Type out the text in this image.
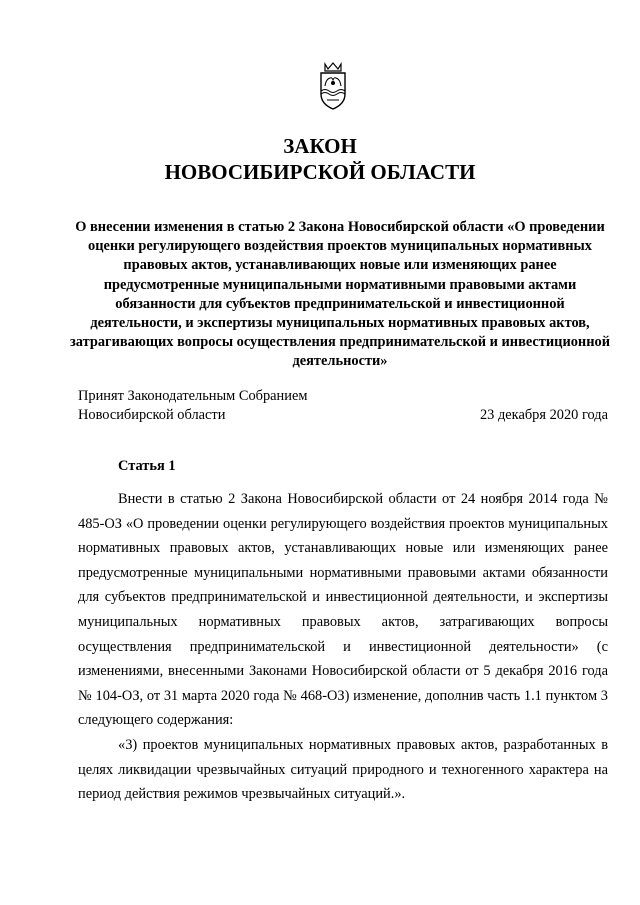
ЗАКОН
НОВОСИБИРСКОЙ ОБЛАСТИ

О внесении изменения в статью 2 Закона Новосибирской области «О проведении оценки регулирующего воздействия проектов муниципальных нормативных правовых актов, устанавливающих новые или изменяющих ранее предусмотренные муниципальными нормативными правовыми актами обязанности для субъектов предпринимательской и инвестиционной деятельности, и экспертизы муниципальных нормативных правовых актов, затрагивающих вопросы осуществления предпринимательской и инвестиционной деятельности»

Принят Законодательным Собранием
Новосибирской области	23 декабря 2020 года
Статья 1

Внести в статью 2 Закона Новосибирской области от 24 ноября 2014 года № 485-ОЗ «О проведении оценки регулирующего воздействия проектов муниципальных нормативных правовых актов, устанавливающих новые или изменяющих ранее предусмотренные муниципальными нормативными правовыми актами обязанности для субъектов предпринимательской и инвестиционной деятельности, и экспертизы муниципальных нормативных правовых актов, затрагивающих вопросы осуществления предпринимательской и инвестиционной деятельности» (с изменениями, внесенными Законами Новосибирской области от 5 декабря 2016 года № 104-ОЗ, от 31 марта 2020 года № 468-ОЗ) изменение, дополнив часть 1.1 пунктом 3 следующего содержания:

«3) проектов муниципальных нормативных правовых актов, разработанных в целях ликвидации чрезвычайных ситуаций природного и техногенного характера на период действия режимов чрезвычайных ситуаций.».
